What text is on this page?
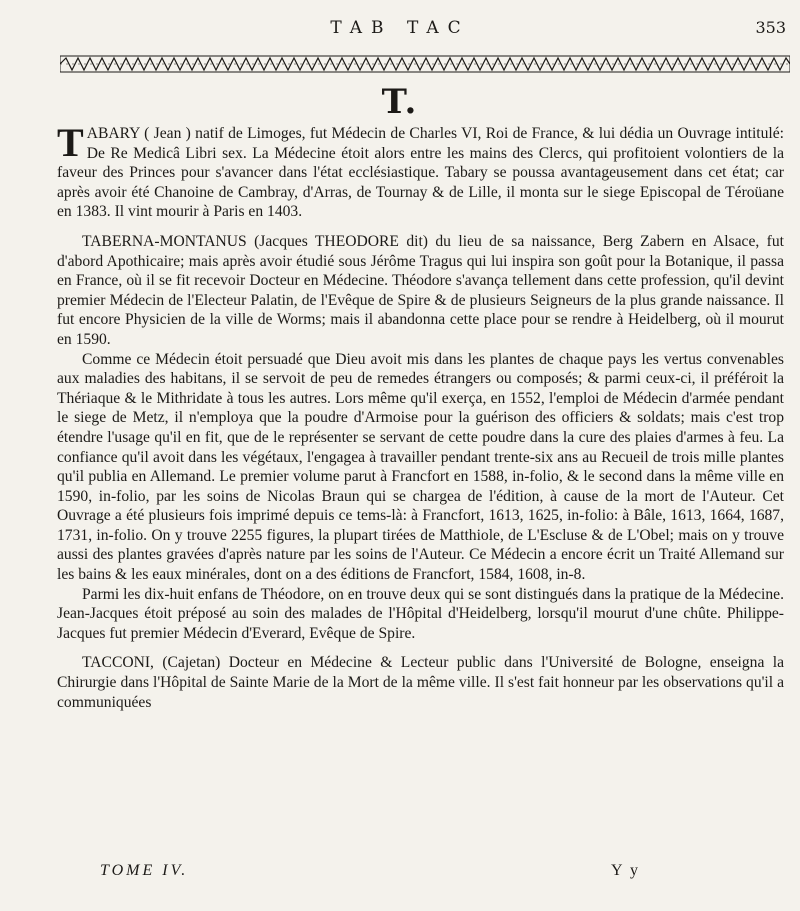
TAB TAC	353
T.

TABARY ( Jean ) natif de Limoges, fut Médecin de Charles VI, Roi de France, & lui dédia un Ouvrage intitulé: De Re Medicâ Libri sex. La Médecine étoit alors entre les mains des Clercs, qui profitoient volontiers de la faveur des Princes pour s'avancer dans l'état ecclésiastique. Tabary se poussa avantageusement dans cet état; car après avoir été Chanoine de Cambray, d'Arras, de Tournay & de Lille, il monta sur le siege Episcopal de Téroüane en 1383. Il vint mourir à Paris en 1403.

TABERNA-MONTANUS (Jacques THEODORE dit) du lieu de sa naissance, Berg Zabern en Alsace, fut d'abord Apothicaire; mais après avoir étudié sous Jérôme Tragus qui lui inspira son goût pour la Botanique, il passa en France, où il se fit recevoir Docteur en Médecine. Théodore s'avança tellement dans cette profession, qu'il devint premier Médecin de l'Electeur Palatin, de l'Evêque de Spire & de plusieurs Seigneurs de la plus grande naissance. Il fut encore Physicien de la ville de Worms; mais il abandonna cette place pour se rendre à Heidelberg, où il mourut en 1590.

Comme ce Médecin étoit persuadé que Dieu avoit mis dans les plantes de chaque pays les vertus convenables aux maladies des habitans, il se servoit de peu de remedes étrangers ou composés; & parmi ceux-ci, il préféroit la Thériaque & le Mithridate à tous les autres. Lors même qu'il exerça, en 1552, l'emploi de Médecin d'armée pendant le siege de Metz, il n'employa que la poudre d'Armoise pour la guérison des officiers & soldats; mais c'est trop étendre l'usage qu'il en fit, que de le représenter se servant de cette poudre dans la cure des plaies d'armes à feu. La confiance qu'il avoit dans les végétaux, l'engagea à travailler pendant trente-six ans au Recueil de trois mille plantes qu'il publia en Allemand. Le premier volume parut à Francfort en 1588, in-folio, & le second dans la même ville en 1590, in-folio, par les soins de Nicolas Braun qui se chargea de l'édition, à cause de la mort de l'Auteur. Cet Ouvrage a été plusieurs fois imprimé depuis ce tems-là: à Francfort, 1613, 1625, in-folio: à Bâle, 1613, 1664, 1687, 1731, in-folio. On y trouve 2255 figures, la plupart tirées de Matthiole, de L'Escluse & de L'Obel; mais on y trouve aussi des plantes gravées d'après nature par les soins de l'Auteur. Ce Médecin a encore écrit un Traité Allemand sur les bains & les eaux minérales, dont on a des éditions de Francfort, 1584, 1608, in-8.

Parmi les dix-huit enfans de Théodore, on en trouve deux qui se sont distingués dans la pratique de la Médecine. Jean-Jacques étoit préposé au soin des malades de l'Hôpital d'Heidelberg, lorsqu'il mourut d'une chûte. Philippe-Jacques fut premier Médecin d'Everard, Evêque de Spire.

TACCONI, (Cajetan) Docteur en Médecine & Lecteur public dans l'Université de Bologne, enseigna la Chirurgie dans l'Hôpital de Sainte Marie de la Mort de la même ville. Il s'est fait honneur par les observations qu'il a communiquées

TOME IV.	Y y
